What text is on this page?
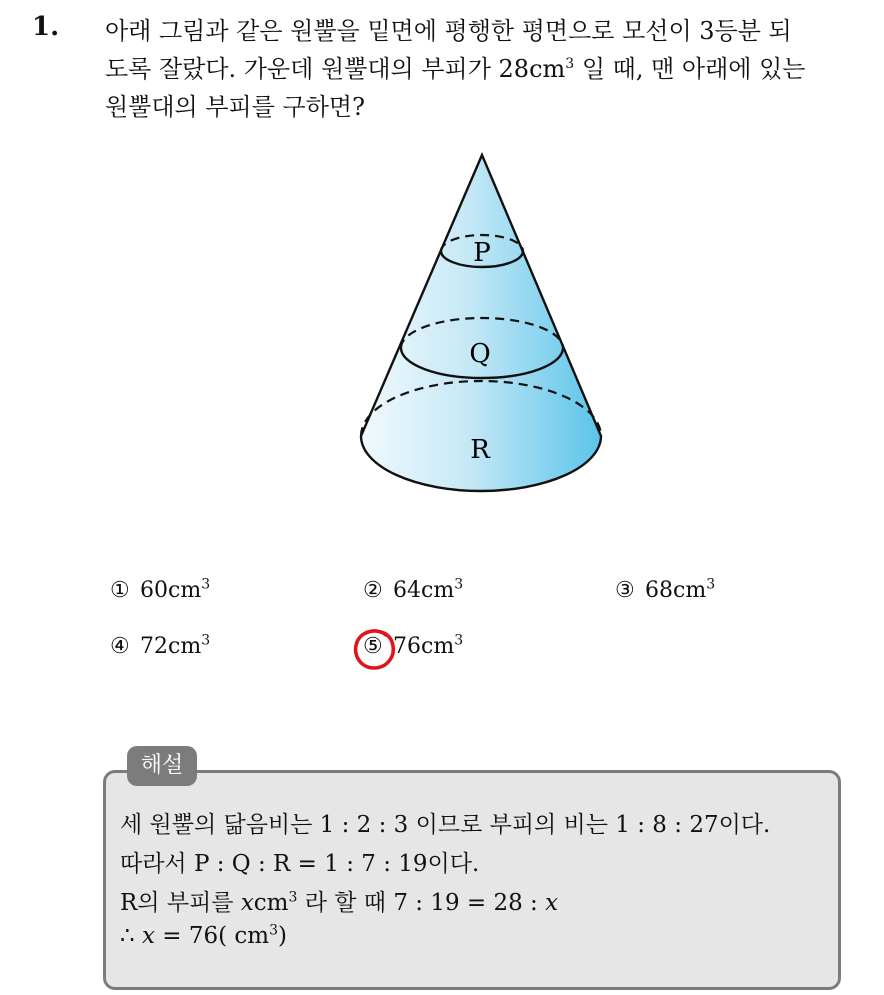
1. 아래 그림과 같은 원뿔을 밑면에 평행한 평면으로 모선이 3등분 되
도록 잘랐다. 가운데 원뿔대의 부피가 $28cm^3$ 일 때, 맨 아래에 있는
원뿔대의 부피를 구하면?
P
Q
R
① $60cm^3$	② $64cm^3$	③ $68cm^3$
④ $72cm^3$	⑤ $76cm^3$
해설
세 원뿔의 닮음비는 1 : 2 : 3 이므로 부피의 비는 1 : 8 : 27이다.
따라서 P : Q : R = 1 : 7 : 19이다.
R의 부피를 xcm$^3$ 라 할 때 7 : 19 = 28 : x
∴ x = 76( $cm^3$)
